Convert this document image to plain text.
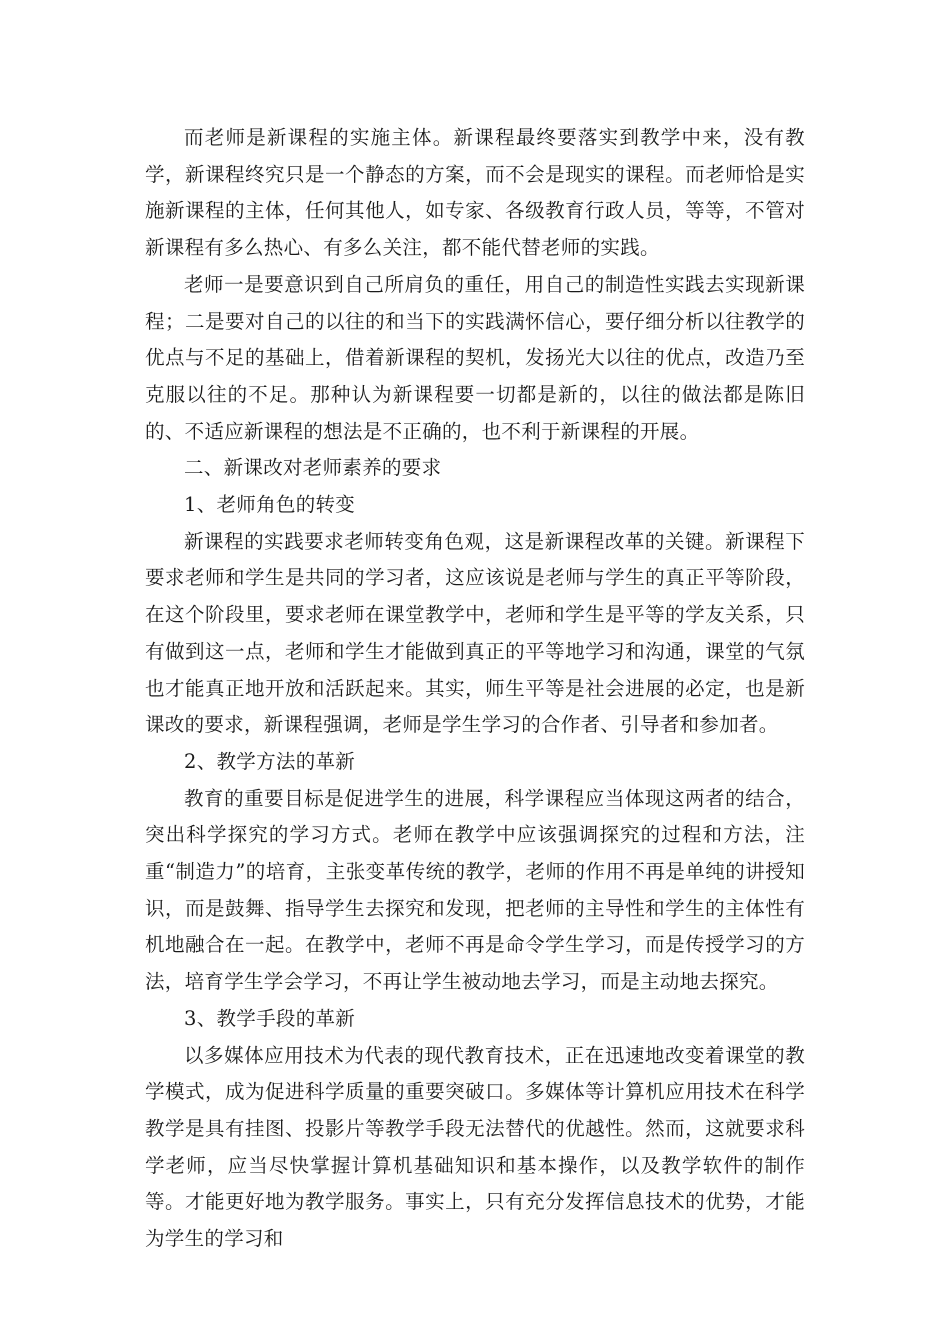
而老师是新课程的实施主体。新课程最终要落实到教学中来，没有教学，新课程终究只是一个静态的方案，而不会是现实的课程。而老师恰是实施新课程的主体，任何其他人，如专家、各级教育行政人员，等等，不管对新课程有多么热心、有多么关注，都不能代替老师的实践。

老师一是要意识到自己所肩负的重任，用自己的制造性实践去实现新课程；二是要对自己的以往的和当下的实践满怀信心，要仔细分析以往教学的优点与不足的基础上，借着新课程的契机，发扬光大以往的优点，改造乃至克服以往的不足。那种认为新课程要一切都是新的，以往的做法都是陈旧的、不适应新课程的想法是不正确的，也不利于新课程的开展。

二、新课改对老师素养的要求

1、老师角色的转变

新课程的实践要求老师转变角色观，这是新课程改革的关键。新课程下要求老师和学生是共同的学习者，这应该说是老师与学生的真正平等阶段，在这个阶段里，要求老师在课堂教学中，老师和学生是平等的学友关系，只有做到这一点，老师和学生才能做到真正的平等地学习和沟通，课堂的气氛也才能真正地开放和活跃起来。其实，师生平等是社会进展的必定，也是新课改的要求，新课程强调，老师是学生学习的合作者、引导者和参加者。

2、教学方法的革新

教育的重要目标是促进学生的进展，科学课程应当体现这两者的结合，突出科学探究的学习方式。老师在教学中应该强调探究的过程和方法，注重“制造力”的培育，主张变革传统的教学，老师的作用不再是单纯的讲授知识，而是鼓舞、指导学生去探究和发现，把老师的主导性和学生的主体性有机地融合在一起。在教学中，老师不再是命令学生学习，而是传授学习的方法，培育学生学会学习，不再让学生被动地去学习，而是主动地去探究。

3、教学手段的革新

以多媒体应用技术为代表的现代教育技术，正在迅速地改变着课堂的教学模式，成为促进科学质量的重要突破口。多媒体等计算机应用技术在科学教学是具有挂图、投影片等教学手段无法替代的优越性。然而，这就要求科学老师，应当尽快掌握计算机基础知识和基本操作，以及教学软件的制作等。才能更好地为教学服务。事实上，只有充分发挥信息技术的优势，才能为学生的学习和
